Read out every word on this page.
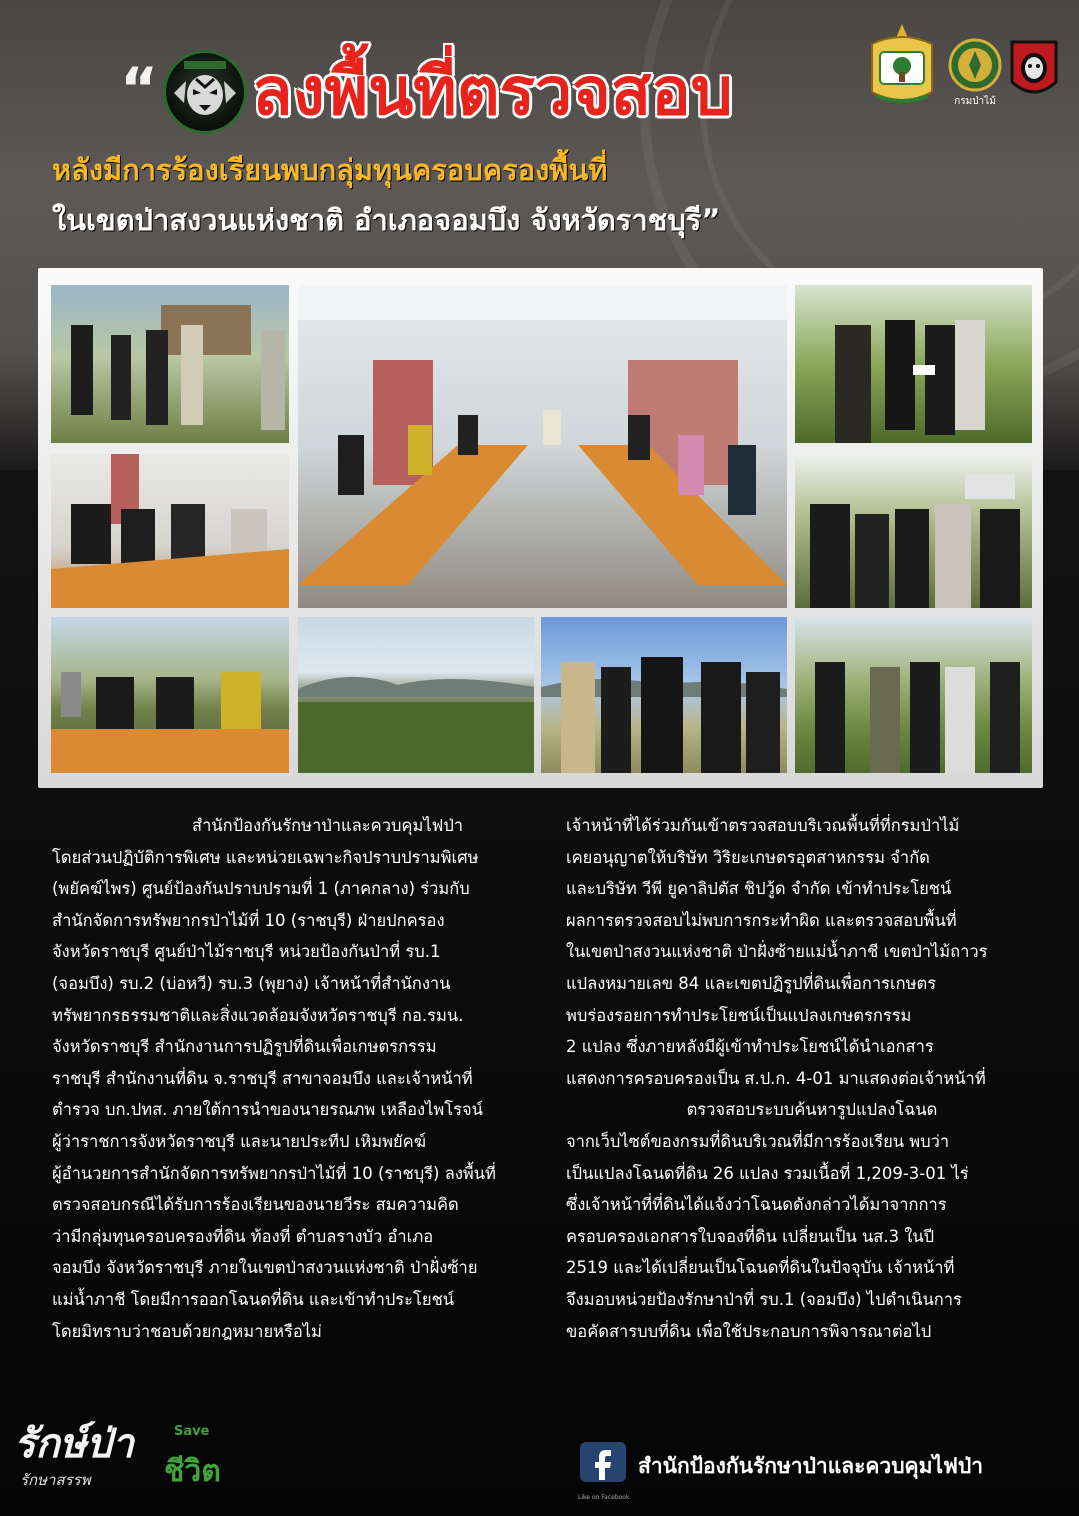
“ ลงพื้นที่ตรวจสอบ
หลังมีการร้องเรียนพบกลุ่มทุนครอบครองพื้นที่
ในเขตป่าสงวนแห่งชาติ อำเภอจอมบึง จังหวัดราชบุรี”
กรมป่าไม้

สำนักป้องกันรักษาป่าและควบคุมไฟป่า

โดยส่วนปฏิบัติการพิเศษ และหน่วยเฉพาะกิจปราบปรามพิเศษ

(พยัคฆ์ไพร) ศูนย์ป้องกันปราบปรามที่ 1 (ภาคกลาง) ร่วมกับ

สำนักจัดการทรัพยากรป่าไม้ที่ 10 (ราชบุรี) ฝ่ายปกครอง

จังหวัดราชบุรี ศูนย์ป่าไม้ราชบุรี หน่วยป้องกันป่าที่ รบ.1

(จอมบึง) รบ.2 (บ่อหวี) รบ.3 (พุยาง) เจ้าหน้าที่สำนักงาน

ทรัพยากรธรรมชาติและสิ่งแวดล้อมจังหวัดราชบุรี กอ.รมน.

จังหวัดราชบุรี สำนักงานการปฏิรูปที่ดินเพื่อเกษตรกรรม

ราชบุรี สำนักงานที่ดิน จ.ราชบุรี สาขาจอมบึง และเจ้าหน้าที่

ตำรวจ บก.ปทส. ภายใต้การนำของนายรณภพ เหลืองไพโรจน์

ผู้ว่าราชการจังหวัดราชบุรี และนายประทีป เหิมพยัคฆ์

ผู้อำนวยการสำนักจัดการทรัพยากรป่าไม้ที่ 10 (ราชบุรี) ลงพื้นที่

ตรวจสอบกรณีได้รับการร้องเรียนของนายวีระ สมความคิด

ว่ามีกลุ่มทุนครอบครองที่ดิน ท้องที่ ตำบลรางบัว อำเภอ

จอมบึง จังหวัดราชบุรี ภายในเขตป่าสงวนแห่งชาติ ป่าฝั่งซ้าย

แม่น้ำภาชี โดยมีการออกโฉนดที่ดิน และเข้าทำประโยชน์

โดยมิทราบว่าชอบด้วยกฎหมายหรือไม่

เจ้าหน้าที่ได้ร่วมกันเข้าตรวจสอบบริเวณพื้นที่ที่กรมป่าไม้

เคยอนุญาตให้บริษัท วิริยะเกษตรอุตสาหกรรม จำกัด

และบริษัท วีพี ยูคาลิปตัส ชิปวู้ด จำกัด เข้าทำประโยชน์

ผลการตรวจสอบไม่พบการกระทำผิด และตรวจสอบพื้นที่

ในเขตป่าสงวนแห่งชาติ ป่าฝั่งซ้ายแม่น้ำภาชี เขตป่าไม้ถาวร

แปลงหมายเลข 84 และเขตปฏิรูปที่ดินเพื่อการเกษตร

พบร่องรอยการทำประโยชน์เป็นแปลงเกษตรกรรม

2 แปลง ซึ่งภายหลังมีผู้เข้าทำประโยชน์ได้นำเอกสาร

แสดงการครอบครองเป็น ส.ป.ก. 4-01 มาแสดงต่อเจ้าหน้าที่

ตรวจสอบระบบค้นหารูปแปลงโฉนด

จากเว็บไซต์ของกรมที่ดินบริเวณที่มีการร้องเรียน พบว่า

เป็นแปลงโฉนดที่ดิน 26 แปลง รวมเนื้อที่ 1,209-3-01 ไร่

ซึ่งเจ้าหน้าที่ที่ดินได้แจ้งว่าโฉนดดังกล่าวได้มาจากการ

ครอบครองเอกสารใบจองที่ดิน เปลี่ยนเป็น นส.3 ในปี

2519 และได้เปลี่ยนเป็นโฉนดที่ดินในปัจจุบัน เจ้าหน้าที่

จึงมอบหน่วยป้องรักษาป่าที่ รบ.1 (จอมบึง) ไปดำเนินการ

ขอคัดสารบบที่ดิน เพื่อใช้ประกอบการพิจารณาต่อไป

รักษ์ป่า	Save
รักษาสรรพ ชีวิต
Like on Facebook
สำนักป้องกันรักษาป่าและควบคุมไฟป่า
